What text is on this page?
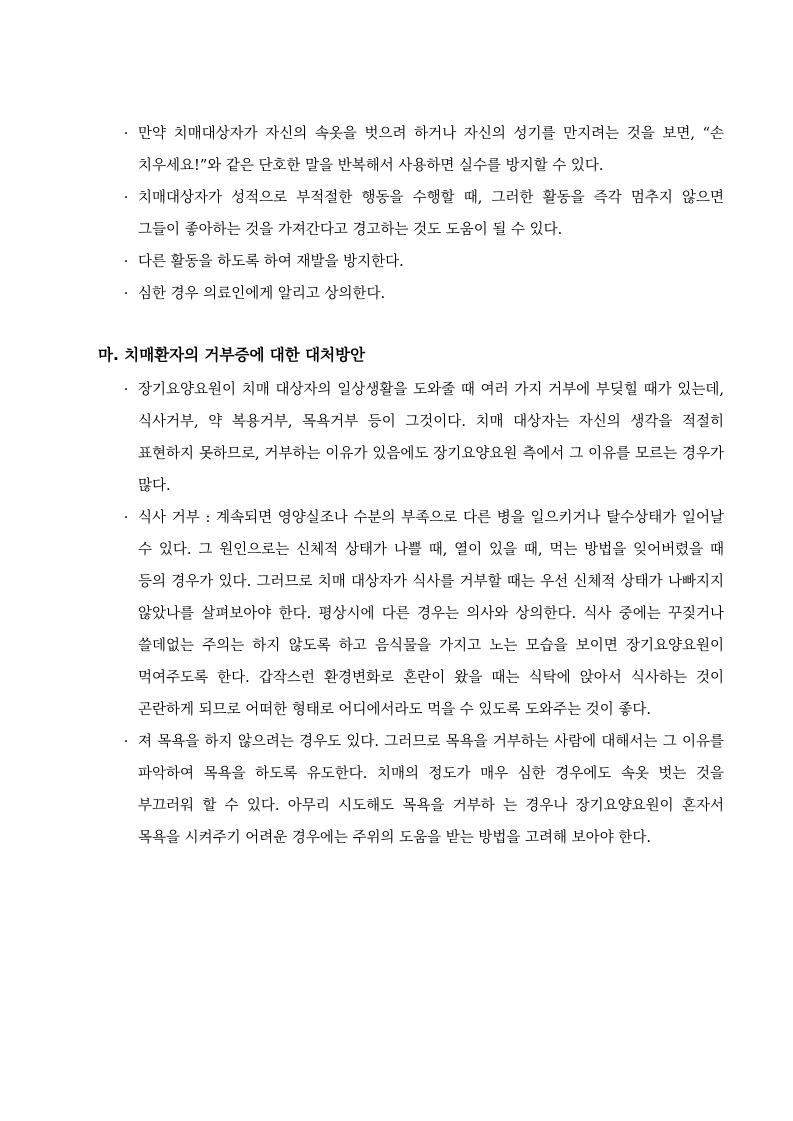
· 만약 치매대상자가 자신의 속옷을 벗으려 하거나 자신의 성기를 만지려는 것을 보면, “손 치우세요!”와 같은 단호한 말을 반복해서 사용하면 실수를 방지할 수 있다.
· 치매대상자가 성적으로 부적절한 행동을 수행할 때, 그러한 활동을 즉각 멈추지 않으면 그들이 좋아하는 것을 가져간다고 경고하는 것도 도움이 될 수 있다.
· 다른 활동을 하도록 하여 재발을 방지한다.
· 심한 경우 의료인에게 알리고 상의한다.
마. 치매환자의 거부증에 대한 대처방안
· 장기요양요원이 치매 대상자의 일상생활을 도와줄 때 여러 가지 거부에 부딪힐 때가 있는데, 식사거부, 약 복용거부, 목욕거부 등이 그것이다. 치매 대상자는 자신의 생각을 적절히 표현하지 못하므로, 거부하는 이유가 있음에도 장기요양요원 측에서 그 이유를 모르는 경우가 많다.
· 식사 거부 : 계속되면 영양실조나 수분의 부족으로 다른 병을 일으키거나 탈수상태가 일어날 수 있다. 그 원인으로는 신체적 상태가 나쁠 때, 열이 있을 때, 먹는 방법을 잊어버렸을 때 등의 경우가 있다. 그러므로 치매 대상자가 식사를 거부할 때는 우선 신체적 상태가 나빠지지 않았나를 살펴보아야 한다. 평상시에 다른 경우는 의사와 상의한다. 식사 중에는 꾸짖거나 쓸데없는 주의는 하지 않도록 하고 음식물을 가지고 노는 모습을 보이면 장기요양요원이 먹여주도록 한다. 갑작스런 환경변화로 혼란이 왔을 때는 식탁에 앉아서 식사하는 것이 곤란하게 되므로 어떠한 형태로 어디에서라도 먹을 수 있도록 도와주는 것이 좋다.
· 져 목욕을 하지 않으려는 경우도 있다. 그러므로 목욕을 거부하는 사람에 대해서는 그 이유를 파악하여 목욕을 하도록 유도한다. 치매의 정도가 매우 심한 경우에도 속옷 벗는 것을 부끄러워 할 수 있다. 아무리 시도해도 목욕을 거부하 는 경우나 장기요양요원이 혼자서 목욕을 시켜주기 어려운 경우에는 주위의 도움을 받는 방법을 고려해 보아야 한다.
